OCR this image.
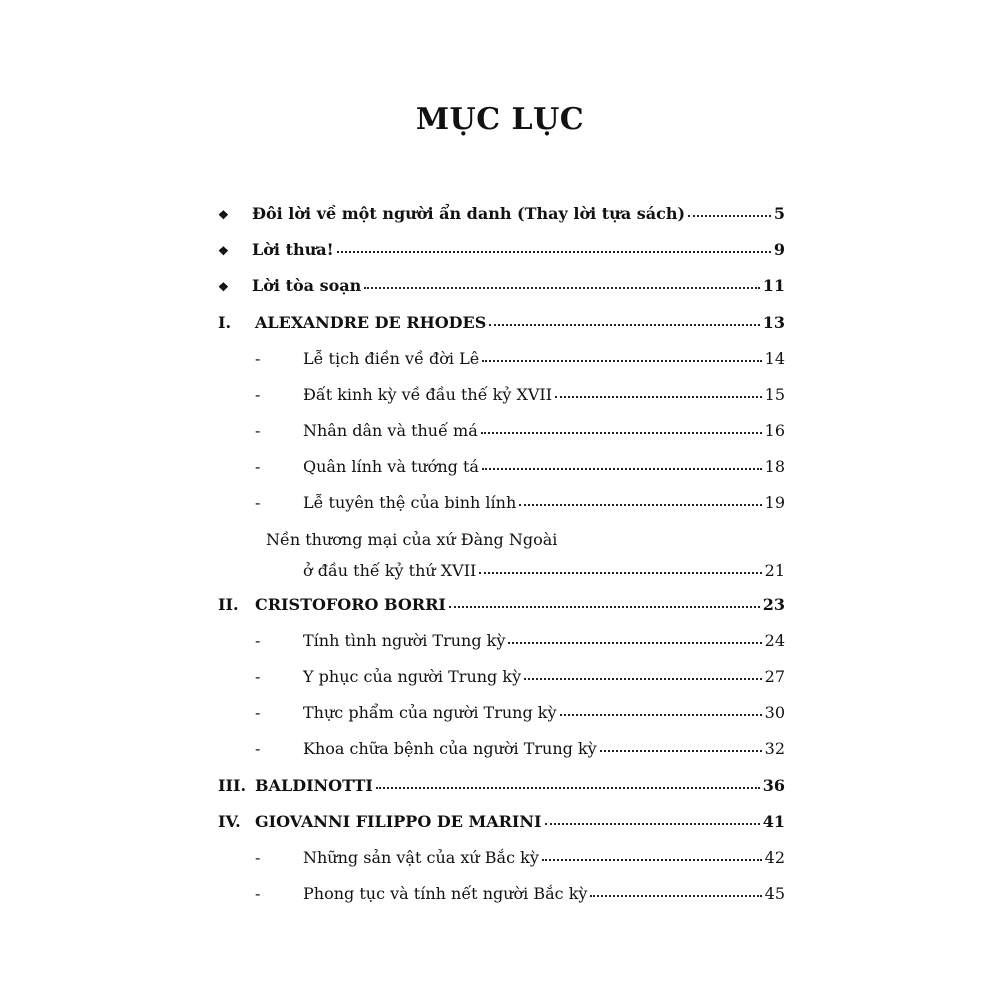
MỤC LỤC
❖	Đôi lời về một người ẩn danh (Thay lời tựa sách)	5
❖	Lời thưa!	9
❖	Lời tòa soạn	11
I.	ALEXANDRE DE RHODES	13
-	Lễ tịch điền về đời Lê	14
-	Đất kinh kỳ về đầu thế kỷ XVII	15
-	Nhân dân và thuế má	16
-	Quân lính và tướng tá	18
-	Lễ tuyên thệ của binh lính	19
Nền thương mại của xứ Đàng Ngoài
ở đầu thế kỷ thứ XVII	21
II.	CRISTOFORO BORRI	23
-	Tính tình người Trung kỳ	24
-	Y phục của người Trung kỳ	27
-	Thực phẩm của người Trung kỳ	30
-	Khoa chữa bệnh của người Trung kỳ	32
III. BALDINOTTI	36
IV. GIOVANNI FILIPPO DE MARINI	41
-	Những sản vật của xứ Bắc kỳ	42
-	Phong tục và tính nết người Bắc kỳ	45
